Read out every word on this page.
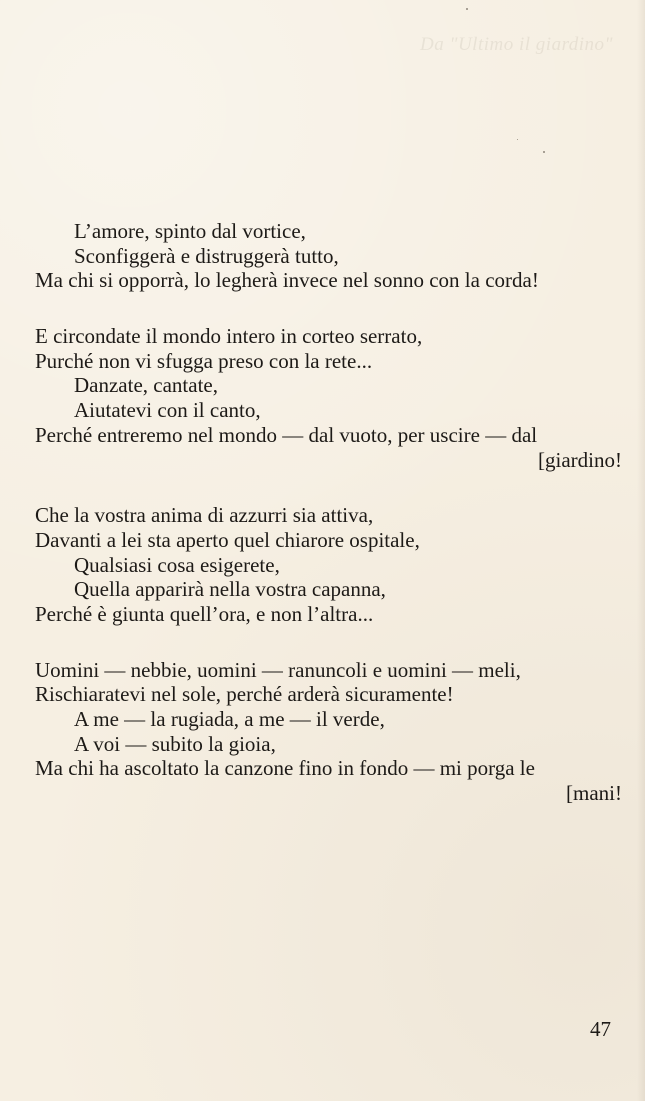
Da "Ultimo il giardino"
L’amore, spinto dal vortice,
Sconfiggerà e distruggerà tutto,
Ma chi si opporrà, lo legherà invece nel sonno con la corda!
E circondate il mondo intero in corteo serrato,
Purché non vi sfugga preso con la rete...
Danzate, cantate,
Aiutatevi con il canto,
Perché entreremo nel mondo — dal vuoto, per uscire — dal
[giardino!
Che la vostra anima di azzurri sia attiva,
Davanti a lei sta aperto quel chiarore ospitale,
Qualsiasi cosa esigerete,
Quella apparirà nella vostra capanna,
Perché è giunta quell’ora, e non l’altra...
Uomini — nebbie, uomini — ranuncoli e uomini — meli,
Rischiaratevi nel sole, perché arderà sicuramente!
A me — la rugiada, a me — il verde,
A voi — subito la gioia,
Ma chi ha ascoltato la canzone fino in fondo — mi porga le
[mani!
47
